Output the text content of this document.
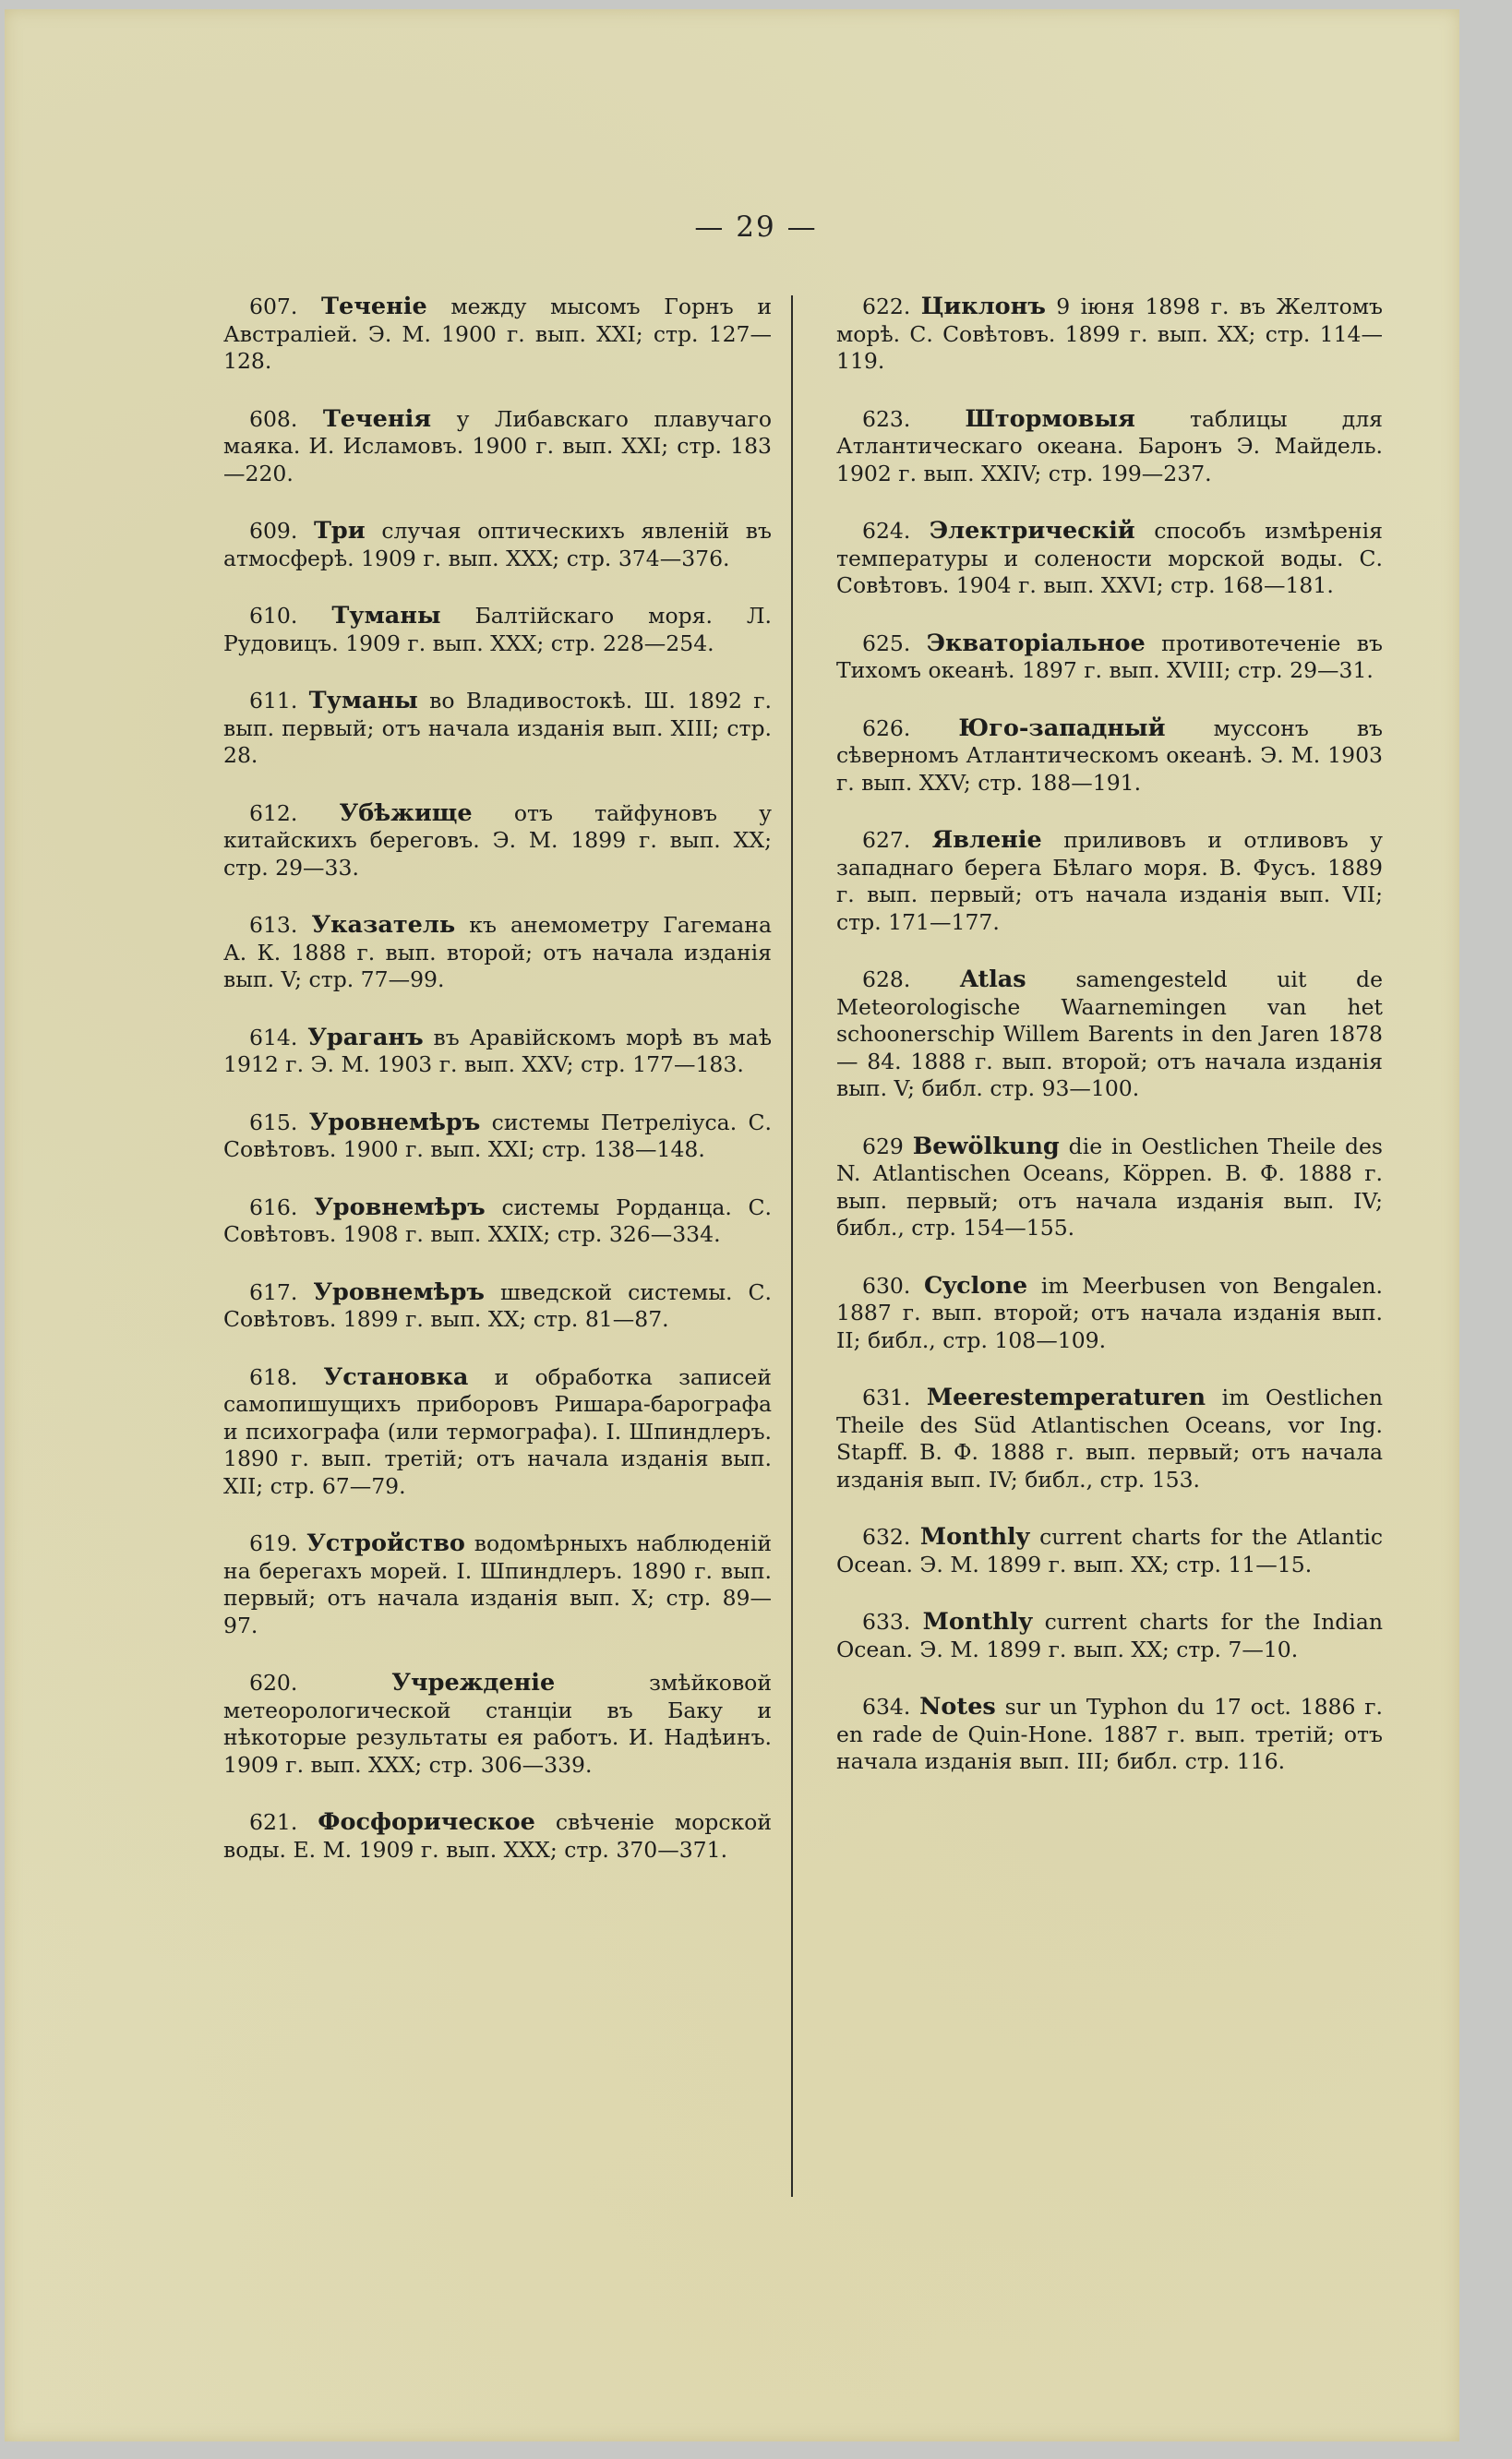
— 29 —

607. Теченіе между мысомъ Горнъ и Австраліей. Э. М. 1900 г. вып. XXI; стр. 127—128.

608. Теченія у Либавскаго плавучаго маяка. И. Исламовъ. 1900 г. вып. XXI; стр. 183—220.

609. Три случая оптическихъ явленій въ атмосферѣ. 1909 г. вып. XXX; стр. 374—376.

610. Туманы Балтійскаго моря. Л. Рудовицъ. 1909 г. вып. XXX; стр. 228—254.

611. Туманы во Владивостокѣ. Ш. 1892 г. вып. первый; отъ начала изданія вып. XIII; стр. 28.

612. Убѣжище отъ тайфуновъ у китайскихъ береговъ. Э. М. 1899 г. вып. XX; стр. 29—33.

613. Указатель къ анемометру Гагемана А. К. 1888 г. вып. второй; отъ начала изданія вып. V; стр. 77—99.

614. Ураганъ въ Аравійскомъ морѣ въ маѣ 1912 г. Э. М. 1903 г. вып. XXV; стр. 177—183.

615. Уровнемѣръ системы Петреліуса. С. Совѣтовъ. 1900 г. вып. XXI; стр. 138—148.

616. Уровнемѣръ системы Рорданца. С. Совѣтовъ. 1908 г. вып. XXIX; стр. 326—334.

617. Уровнемѣръ шведской системы. С. Совѣтовъ. 1899 г. вып. XX; стр. 81—87.

618. Установка и обработка записей самопишущихъ приборовъ Ришара-барографа и психографа (или термографа). І. Шпиндлеръ. 1890 г. вып. третій; отъ начала изданія вып. XII; стр. 67—79.

619. Устройство водомѣрныхъ наблюденій на берегахъ морей. І. Шпиндлеръ. 1890 г. вып. первый; отъ начала изданія вып. X; стр. 89—97.

620.	Учрежденіе	змѣйковой метеорологической станціи въ Баку и нѣкоторые результаты ея работъ. И. Надѣинъ. 1909 г. вып. XXX; стр. 306—339.

621. Фосфорическое свѣченіе морской воды. Е. М. 1909 г. вып. XXX; стр. 370—371.

622. Циклонъ 9 іюня 1898 г. въ Желтомъ морѣ. С. Совѣтовъ. 1899 г. вып. XX; стр. 114—119.

623. Штормовыя	таблицы для Атлантическаго океана. Баронъ Э. Майдель. 1902 г. вып. XXIV; стр. 199—237.

624. Электрическій способъ измѣренія температуры и солености морской воды. С. Совѣтовъ. 1904 г. вып. XXVI; стр. 168—181.

625. Экваторіальное противотеченіе въ Тихомъ океанѣ. 1897 г. вып. XVIII; стр. 29—31.

626. Юго-западный муссонъ въ сѣверномъ Атлантическомъ океанѣ. Э. М. 1903 г. вып. XXV; стр. 188—191.

627. Явленіе приливовъ и отливовъ у западнаго берега Бѣлаго моря. В. Фусъ. 1889 г. вып. первый; отъ начала изданія вып. VII; стр. 171—177.

628. Atlas samengesteld uit de Meteorologische Waarnemingen van het schoonerschip Willem Barents in den Jaren 1878 — 84. 1888 г. вып. второй; отъ начала изданія вып. V; библ. стр. 93—100.

629 Bewölkung die in Oestlichen Theile des N. Atlantischen Oceans, Köppen. В. Ф. 1888 г. вып. первый; отъ начала изданія вып. IV; библ., стр. 154—155.

630. Cyclone im Meerbusen von Bengalen. 1887 г. вып. второй; отъ начала изданія вып. II; библ., стр. 108—109.

631. Meerestemperaturen im Oestlichen Theile des Süd Atlantischen Oceans, vor Ing. Stapff. В. Ф. 1888 г. вып. первый; отъ начала изданія вып. IV; библ., стр. 153.

632. Monthly current charts for the Atlantic Ocean. Э. М. 1899 г. вып. XX; стр. 11—15.

633. Monthly current charts for the Indian Ocean. Э. М. 1899 г. вып. XX; стр. 7—10.

634. Notes sur un Typhon du 17 oct. 1886 г. en rade de Quin-Hone. 1887 г. вып. третій; отъ начала изданія вып. III; библ. стр. 116.
